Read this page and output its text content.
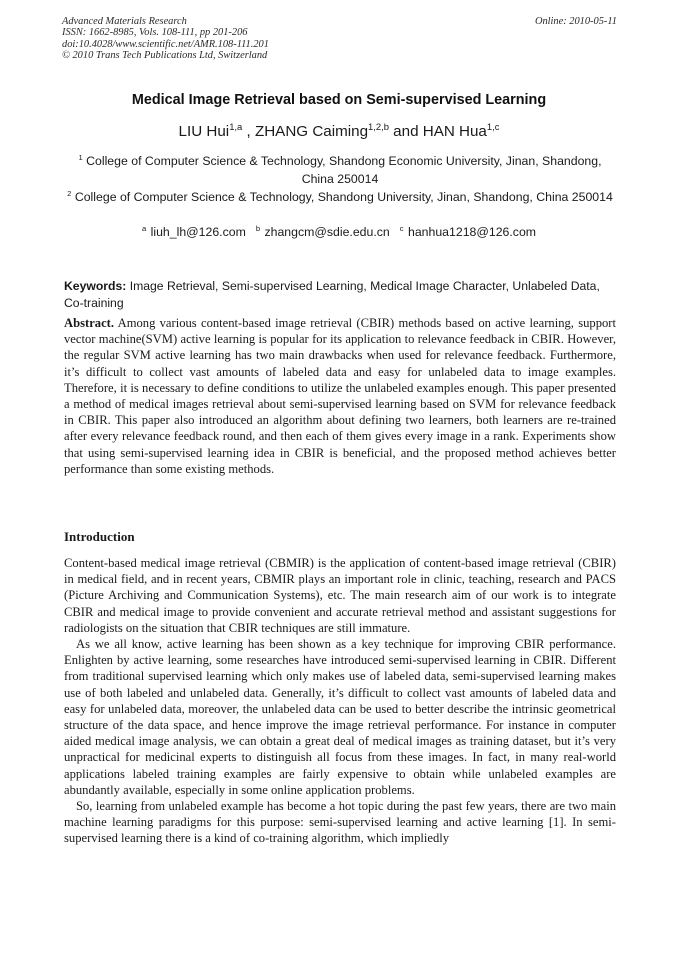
Advanced Materials Research
ISSN: 1662-8985, Vols. 108-111, pp 201-206
doi:10.4028/www.scientific.net/AMR.108-111.201
© 2010 Trans Tech Publications Ltd, Switzerland
Online: 2010-05-11
Medical Image Retrieval based on Semi-supervised Learning
LIU Hui$^{1,a}$ , ZHANG Caiming$^{1,2,b}$ and HAN Hua$^{1,c}$
$^1$ College of Computer Science & Technology, Shandong Economic University, Jinan, Shandong, China 250014
$^2$ College of Computer Science & Technology, Shandong University, Jinan, Shandong, China 250014
$^a$ liuh_lh@126.com $^b$ zhangcm@sdie.edu.cn $^c$ hanhua1218@126.com
Keywords: Image Retrieval, Semi-supervised Learning, Medical Image Character, Unlabeled Data, Co-training
Abstract. Among various content-based image retrieval (CBIR) methods based on active learning, support vector machine(SVM) active learning is popular for its application to relevance feedback in CBIR. However, the regular SVM active learning has two main drawbacks when used for relevance feedback. Furthermore, it’s difficult to collect vast amounts of labeled data and easy for unlabeled data to image examples. Therefore, it is necessary to define conditions to utilize the unlabeled examples enough. This paper presented a method of medical images retrieval about semi-supervised learning based on SVM for relevance feedback in CBIR. This paper also introduced an algorithm about defining two learners, both learners are re-trained after every relevance feedback round, and then each of them gives every image in a rank. Experiments show that using semi-supervised learning idea in CBIR is beneficial, and the proposed method achieves better performance than some existing methods.
Introduction

Content-based medical image retrieval (CBMIR) is the application of content-based image retrieval (CBIR) in medical field, and in recent years, CBMIR plays an important role in clinic, teaching, research and PACS (Picture Archiving and Communication Systems), etc. The main research aim of our work is to integrate CBIR and medical image to provide convenient and accurate retrieval method and assistant suggestions for radiologists on the situation that CBIR techniques are still immature.

As we all know, active learning has been shown as a key technique for improving CBIR performance. Enlighten by active learning, some researches have introduced semi-supervised learning in CBIR. Different from traditional supervised learning which only makes use of labeled data, semi-supervised learning makes use of both labeled and unlabeled data. Generally, it’s difficult to collect vast amounts of labeled data and easy for unlabeled data, moreover, the unlabeled data can be used to better describe the intrinsic geometrical structure of the data space, and hence improve the image retrieval performance. For instance in computer aided medical image analysis, we can obtain a great deal of medical images as training dataset, but it’s very unpractical for medicinal experts to distinguish all focus from these images. In fact, in many real-world applications labeled training examples are fairly expensive to obtain while unlabeled examples are abundantly available, especially in some online application problems.

So, learning from unlabeled example has become a hot topic during the past few years, there are two main machine learning paradigms for this purpose: semi-supervised learning and active learning [1]. In semi-supervised learning there is a kind of co-training algorithm, which impliedly
